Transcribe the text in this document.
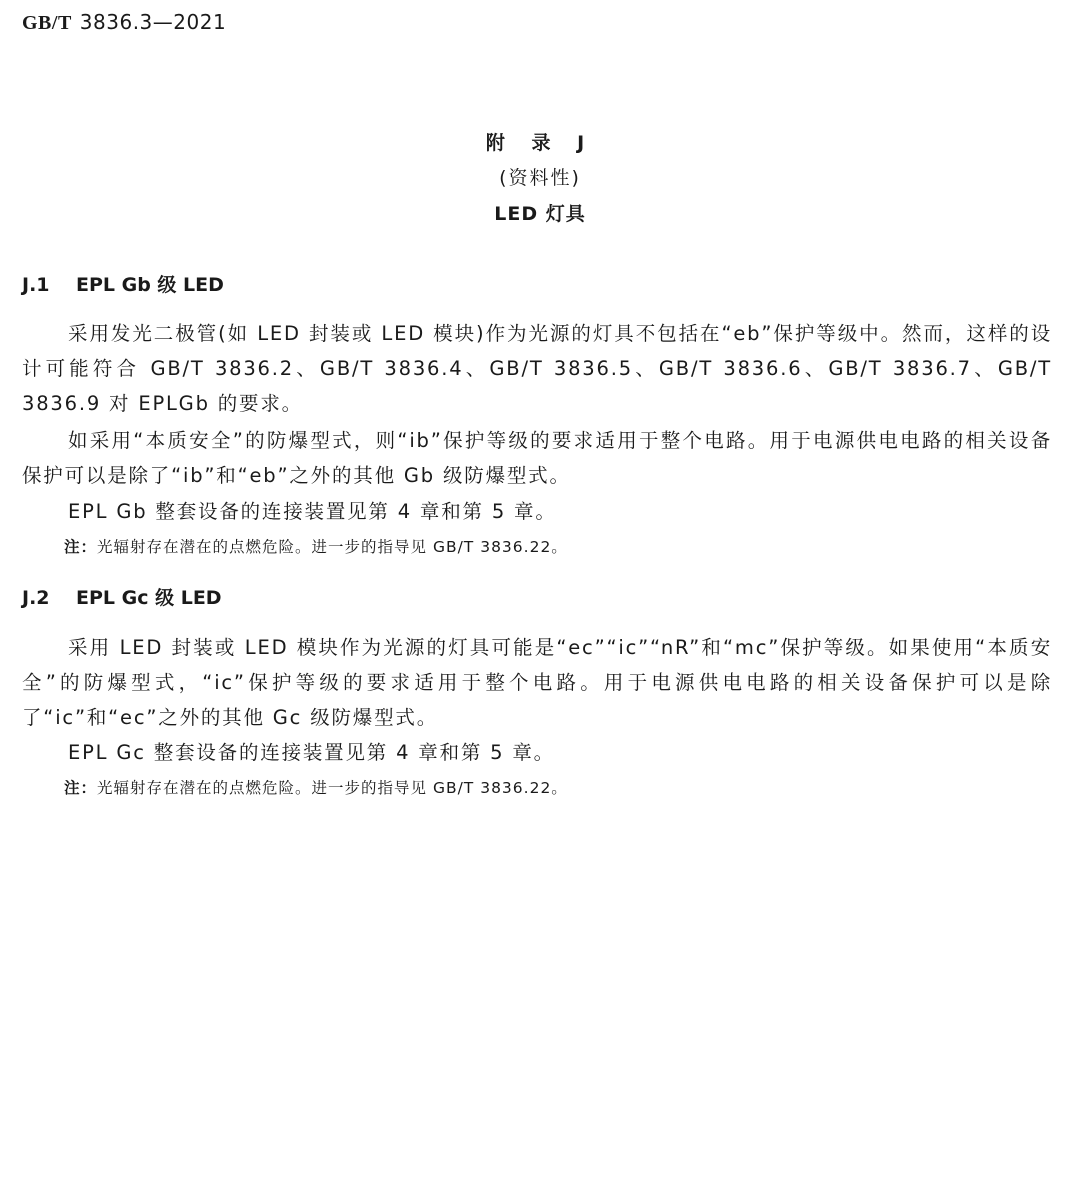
GB/T 3836.3—2021
附 录 J
(资料性)
LED 灯具
J.1 EPL Gb 级 LED

采用发光二极管(如 LED 封装或 LED 模块)作为光源的灯具不包括在“eb”保护等级中。然而，这样的设计可能符合 GB/T 3836.2、GB/T 3836.4、GB/T 3836.5、GB/T 3836.6、GB/T 3836.7、GB/T 3836.9 对 EPLGb 的要求。

如采用“本质安全”的防爆型式，则“ib”保护等级的要求适用于整个电路。用于电源供电电路的相关设备保护可以是除了“ib”和“eb”之外的其他 Gb 级防爆型式。

EPL Gb 整套设备的连接装置见第 4 章和第 5 章。

注：光辐射存在潜在的点燃危险。进一步的指导见 GB/T 3836.22。
J.2 EPL Gc 级 LED

采用 LED 封装或 LED 模块作为光源的灯具可能是“ec”“ic”“nR”和“mc”保护等级。如果使用“本质安全”的防爆型式，“ic”保护等级的要求适用于整个电路。用于电源供电电路的相关设备保护可以是除了“ic”和“ec”之外的其他 Gc 级防爆型式。

EPL Gc 整套设备的连接装置见第 4 章和第 5 章。

注：光辐射存在潜在的点燃危险。进一步的指导见 GB/T 3836.22。
